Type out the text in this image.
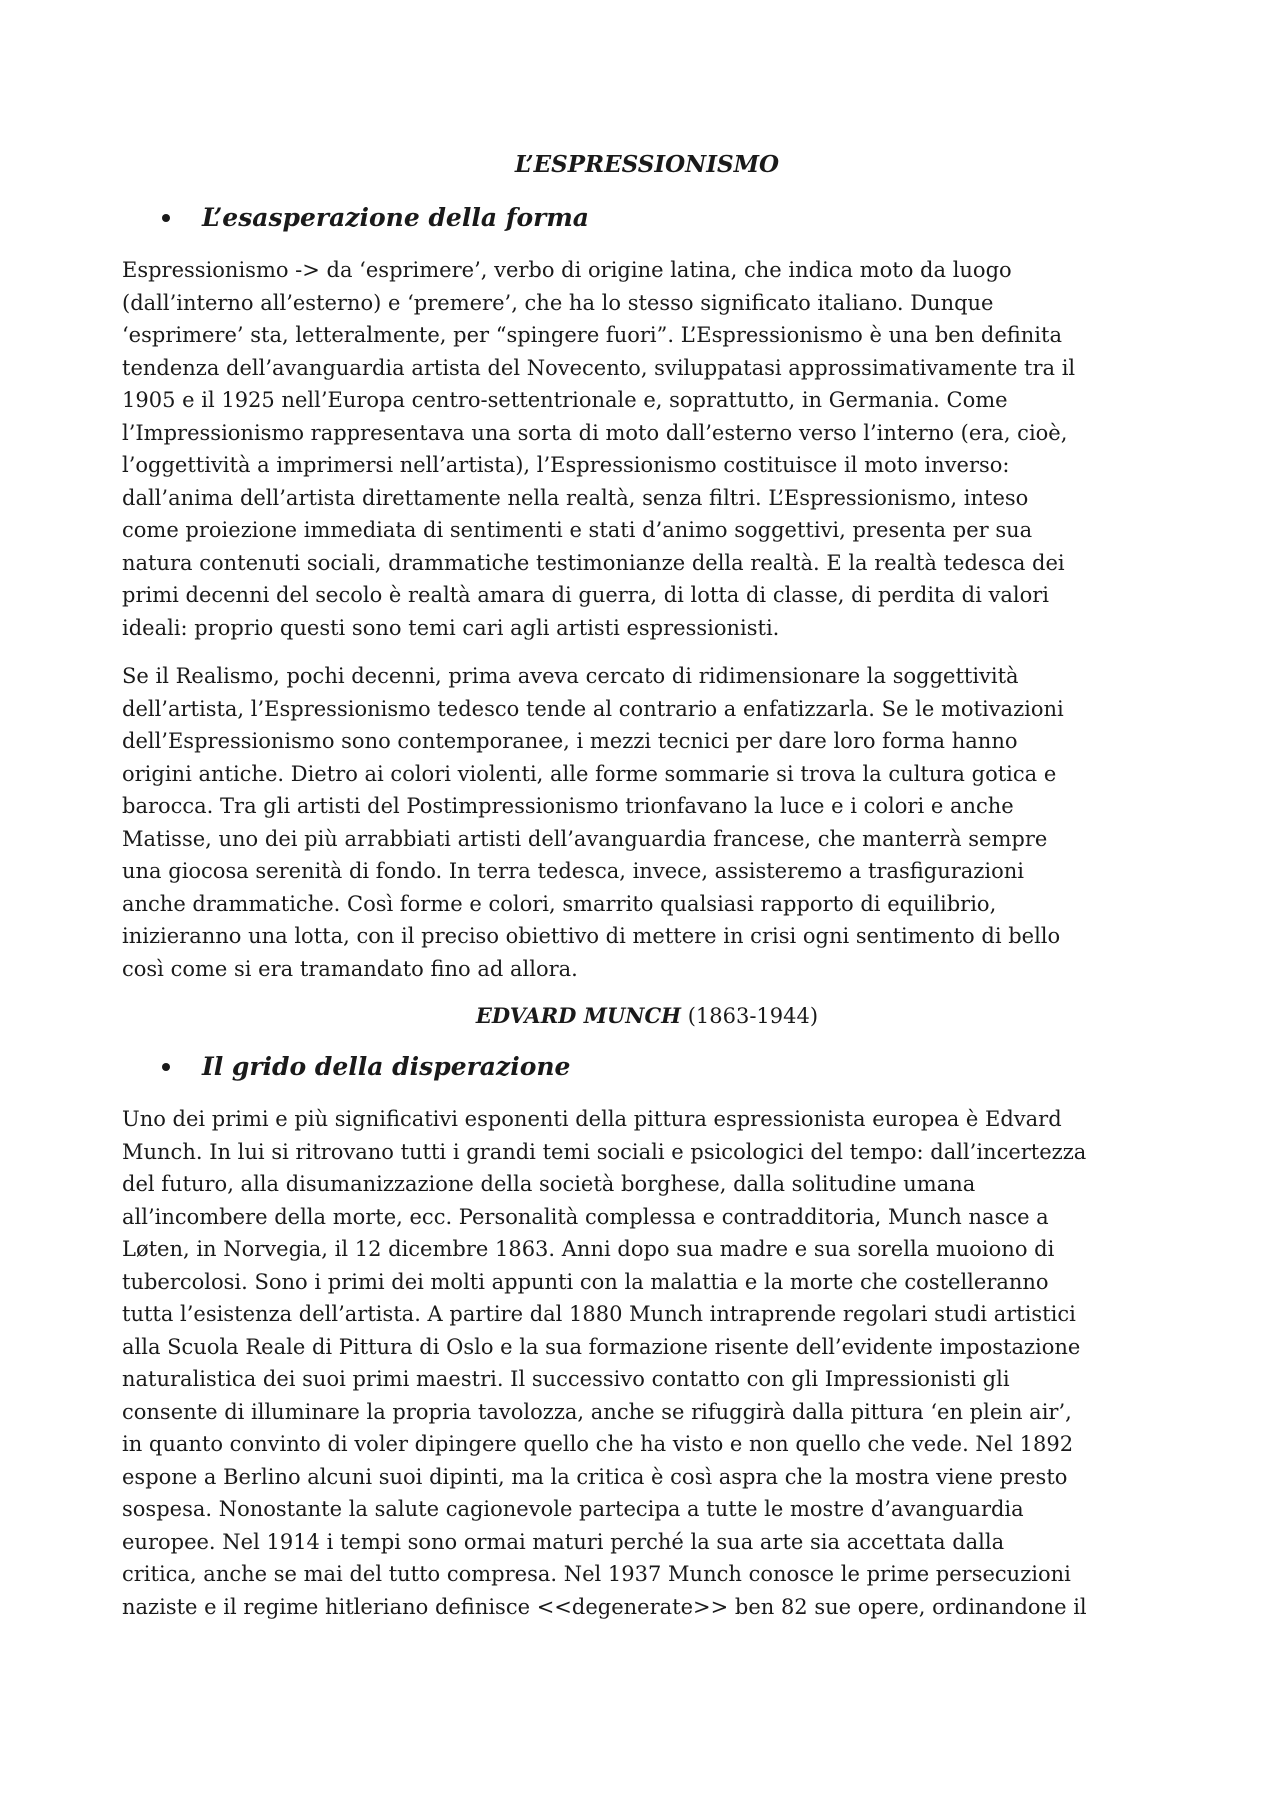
L’ESPRESSIONISMO
L’esasperazione della forma
Espressionismo -> da ‘esprimere’, verbo di origine latina, che indica moto da luogo
(dall’interno all’esterno) e ‘premere’, che ha lo stesso significato italiano. Dunque
‘esprimere’ sta, letteralmente, per “spingere fuori”. L’Espressionismo è una ben definita
tendenza dell’avanguardia artista del Novecento, sviluppatasi approssimativamente tra il
1905 e il 1925 nell’Europa centro-settentrionale e, soprattutto, in Germania. Come
l’Impressionismo rappresentava una sorta di moto dall’esterno verso l’interno (era, cioè,
l’oggettività a imprimersi nell’artista), l’Espressionismo costituisce il moto inverso:
dall’anima dell’artista direttamente nella realtà, senza filtri. L’Espressionismo, inteso
come proiezione immediata di sentimenti e stati d’animo soggettivi, presenta per sua
natura contenuti sociali, drammatiche testimonianze della realtà. E la realtà tedesca dei
primi decenni del secolo è realtà amara di guerra, di lotta di classe, di perdita di valori
ideali: proprio questi sono temi cari agli artisti espressionisti.
Se il Realismo, pochi decenni, prima aveva cercato di ridimensionare la soggettività
dell’artista, l’Espressionismo tedesco tende al contrario a enfatizzarla. Se le motivazioni
dell’Espressionismo sono contemporanee, i mezzi tecnici per dare loro forma hanno
origini antiche. Dietro ai colori violenti, alle forme sommarie si trova la cultura gotica e
barocca. Tra gli artisti del Postimpressionismo trionfavano la luce e i colori e anche
Matisse, uno dei più arrabbiati artisti dell’avanguardia francese, che manterrà sempre
una giocosa serenità di fondo. In terra tedesca, invece, assisteremo a trasfigurazioni
anche drammatiche. Così forme e colori, smarrito qualsiasi rapporto di equilibrio,
inizieranno una lotta, con il preciso obiettivo di mettere in crisi ogni sentimento di bello
così come si era tramandato fino ad allora.
EDVARD MUNCH (1863-1944)
Il grido della disperazione
Uno dei primi e più significativi esponenti della pittura espressionista europea è Edvard
Munch. In lui si ritrovano tutti i grandi temi sociali e psicologici del tempo: dall’incertezza
del futuro, alla disumanizzazione della società borghese, dalla solitudine umana
all’incombere della morte, ecc. Personalità complessa e contradditoria, Munch nasce a
Løten, in Norvegia, il 12 dicembre 1863. Anni dopo sua madre e sua sorella muoiono di
tubercolosi. Sono i primi dei molti appunti con la malattia e la morte che costelleranno
tutta l’esistenza dell’artista. A partire dal 1880 Munch intraprende regolari studi artistici
alla Scuola Reale di Pittura di Oslo e la sua formazione risente dell’evidente impostazione
naturalistica dei suoi primi maestri. Il successivo contatto con gli Impressionisti gli
consente di illuminare la propria tavolozza, anche se rifuggirà dalla pittura ‘en plein air’,
in quanto convinto di voler dipingere quello che ha visto e non quello che vede. Nel 1892
espone a Berlino alcuni suoi dipinti, ma la critica è così aspra che la mostra viene presto
sospesa. Nonostante la salute cagionevole partecipa a tutte le mostre d’avanguardia
europee. Nel 1914 i tempi sono ormai maturi perché la sua arte sia accettata dalla
critica, anche se mai del tutto compresa. Nel 1937 Munch conosce le prime persecuzioni
naziste e il regime hitleriano definisce <<degenerate>> ben 82 sue opere, ordinandone il
